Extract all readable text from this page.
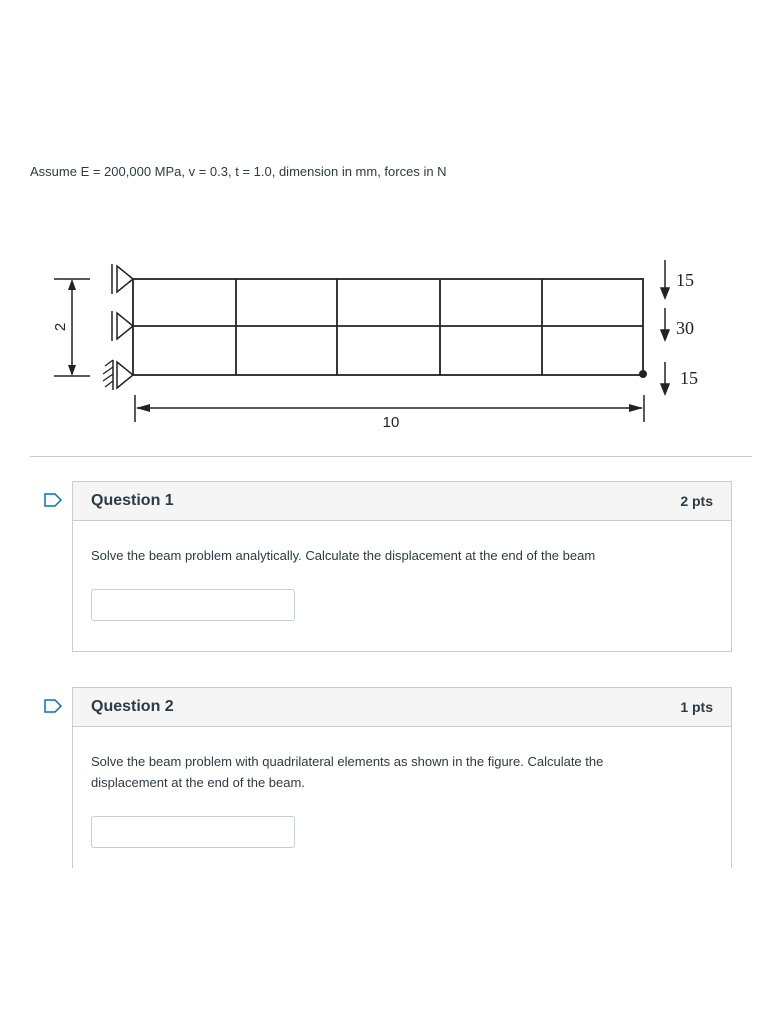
Assume E = 200,000 MPa, v = 0.3, t = 1.0, dimension in mm, forces in N
2
15
30
15
10
Question 1	2 pts
Solve the beam problem analytically. Calculate the displacement at the end of the beam
Question 2	1 pts
Solve the beam problem with quadrilateral elements as shown in the figure. Calculate the displacement at the end of the beam.
